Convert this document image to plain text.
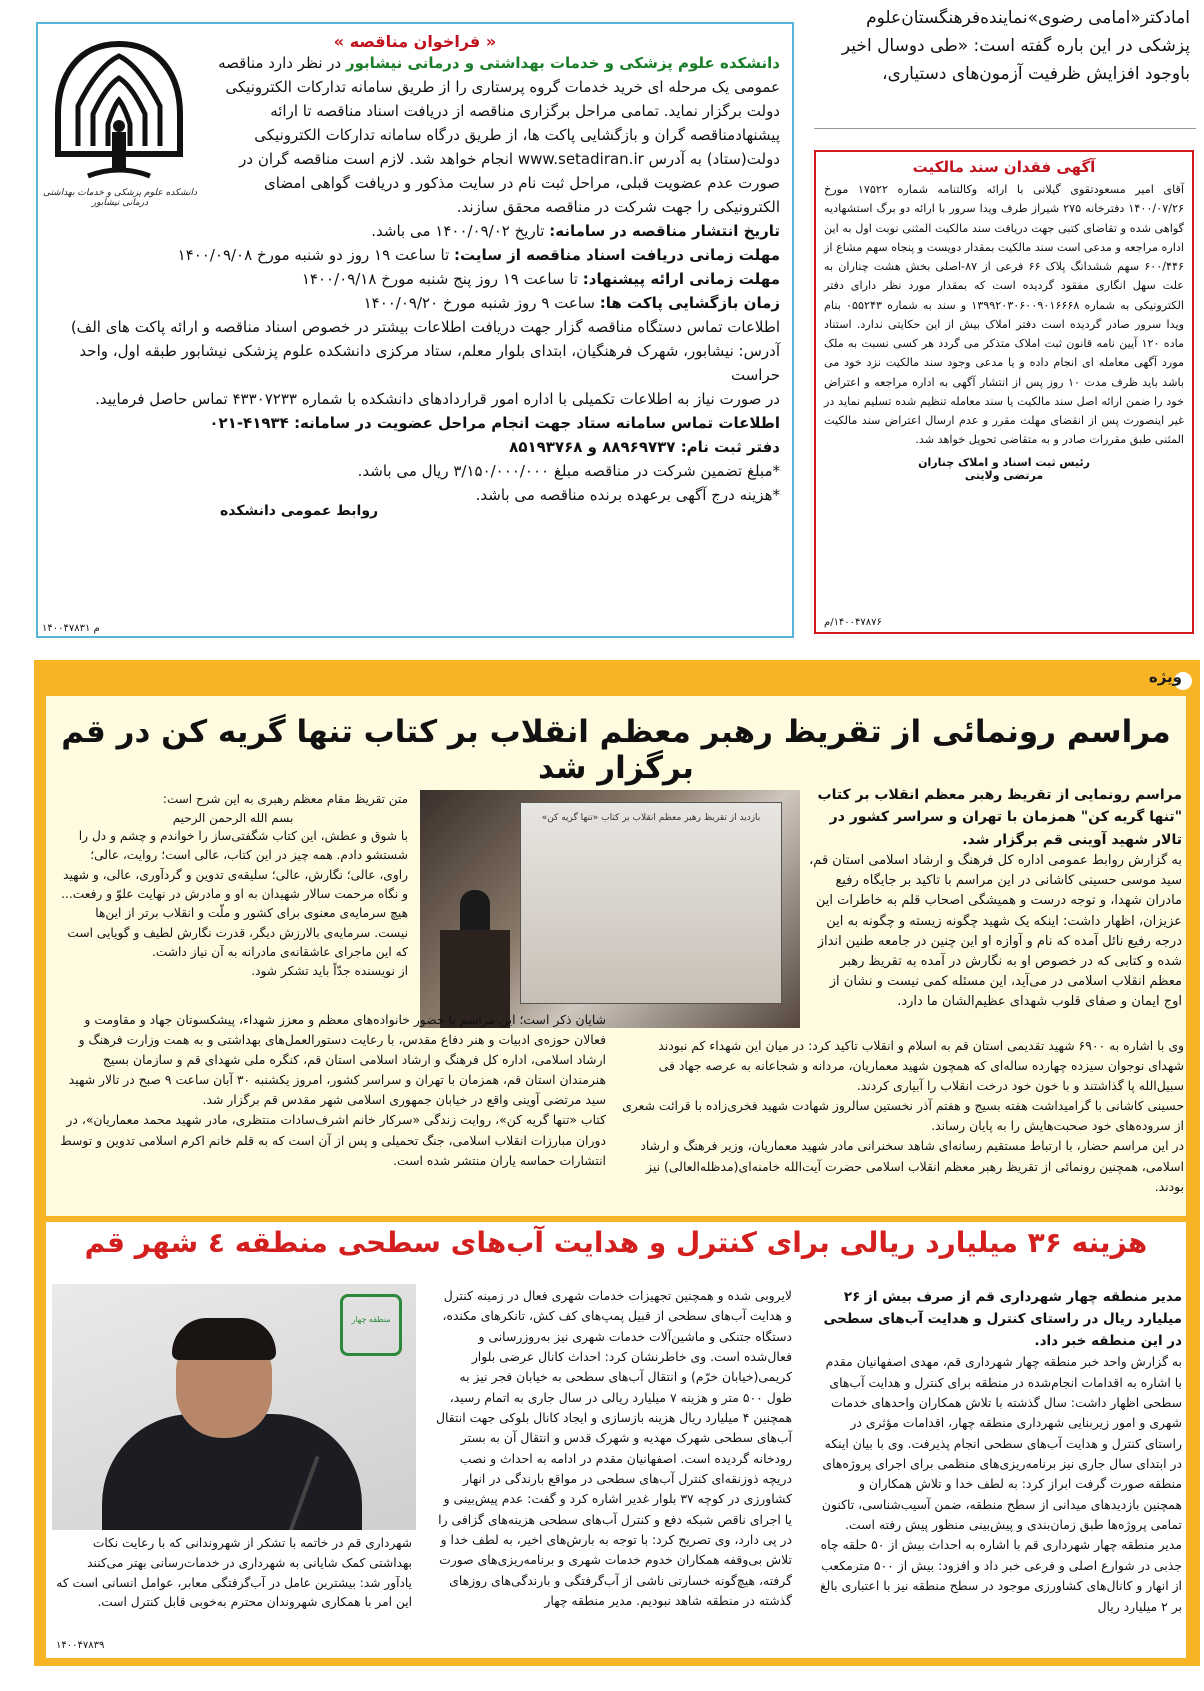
امادکتر«امامی رضوی»نماینده‌فرهنگستان‌علوم
پزشکی در این باره گفته است: «طی دوسال اخیر
باوجود افزایش ظرفیت آزمون‌های دستیاری،
آگهی فقدان سند مالکیت
آقای امیر مسعودتقوی گیلانی با ارائه وکالتنامه شماره ۱۷۵۲۲ مورخ ۱۴۰۰/۰۷/۲۶ دفترخانه ۲۷۵ شیراز طرف ویدا سرور با ارائه دو برگ استشهادیه گواهی شده و تقاضای کتبی جهت دریافت سند مالکیت المثنی نوبت اول به این اداره مراجعه و مدعی است سند مالکیت بمقدار دویست و پنجاه سهم مشاع از ۶۰۰/۴۴۶ سهم ششدانگ پلاک ۶۶ فرعی از ۸۷-اصلی بخش هشت چناران به علت سهل انگاری مفقود گردیده است که بمقدار مورد نظر دارای دفتر الکترونیکی به شماره ۱۳۹۹۲۰۳۰۶۰۰۹۰۱۶۶۶۸ و سند به شماره ۰۵۵۲۴۳ بنام ویدا سرور صادر گردیده است دفتر املاک بیش از این حکایتی ندارد. استناد ماده ۱۲۰ آیین نامه قانون ثبت املاک متذکر می گردد هر کسی نسبت به ملک مورد آگهی معامله ای انجام داده و یا مدعی وجود سند مالکیت نزد خود می باشد باید ظرف مدت ۱۰ روز پس از انتشار آگهی به اداره مراجعه و اعتراض خود را ضمن ارائه اصل سند مالکیت یا سند معامله تنظیم شده تسلیم نماید در غیر اینصورت پس از انقضای مهلت مقرر و عدم ارسال اعتراض سند مالکیت المثنی طبق مقررات صادر و به متقاضی تحویل خواهد شد.
رئیس ثبت اسناد و املاک چناران
مرتضی ولایتی
۱۴۰۰۴۷۸۷۶/م
« فراخوان مناقصه »
دانشکده علوم پزشکی و خدمات بهداشتی و درمانی نیشابور در نظر دارد مناقصه عمومی یک مرحله ای خرید خدمات گروه پرستاری را از طریق سامانه تدارکات الکترونیکی دولت برگزار نماید. تمامی مراحل برگزاری مناقصه از دریافت اسناد مناقصه تا ارائه پیشنهادمناقصه گران و بازگشایی پاکت ها، از طریق درگاه سامانه تدارکات الکترونیکی دولت(ستاد) به آدرس www.setadiran.ir انجام خواهد شد. لازم است مناقصه گران در صورت عدم عضویت قبلی، مراحل ثبت نام در سایت مذکور و دریافت گواهی امضای الکترونیکی را جهت شرکت در مناقصه محقق سازند.
تاریخ انتشار مناقصه در سامانه: تاریخ ۱۴۰۰/۰۹/۰۲ می باشد.
مهلت زمانی دریافت اسناد مناقصه از سایت: تا ساعت ۱۹ روز دو شنبه مورخ ۱۴۰۰/۰۹/۰۸
مهلت زمانی ارائه پیشنهاد: تا ساعت ۱۹ روز پنج شنبه مورخ ۱۴۰۰/۰۹/۱۸
زمان بازگشایی پاکت ها: ساعت ۹ روز شنبه مورخ ۱۴۰۰/۰۹/۲۰
اطلاعات تماس دستگاه مناقصه گزار جهت دریافت اطلاعات بیشتر در خصوص اسناد مناقصه و ارائه پاکت های الف) آدرس: نیشابور، شهرک فرهنگیان، ابتدای بلوار معلم، ستاد مرکزی دانشکده علوم پزشکی نیشابور طبقه اول، واحد حراست
در صورت نیاز به اطلاعات تکمیلی با اداره امور قراردادهای دانشکده با شماره ۴۳۳۰۷۲۳۳ تماس حاصل فرمایید.
اطلاعات تماس سامانه ستاد جهت انجام مراحل عضویت در سامانه: ۴۱۹۳۴-۰۲۱
دفتر ثبت نام: ۸۸۹۶۹۷۳۷ و ۸۵۱۹۳۷۶۸
*مبلغ تضمین شرکت در مناقصه مبلغ ۳/۱۵۰/۰۰۰/۰۰۰ ریال می باشد.
*هزینه درج آگهی برعهده برنده مناقصه می باشد.
روابط عمومی دانشکده
۱۴۰۰۴۷۸۳۱ م
دانشکده علوم پزشکی و خدمات بهداشتی درمانی نیشابور
ویژه
مراسم رونمائی از تقریظ رهبر معظم انقلاب بر کتاب تنها گریه کن در قم برگزار شد
مراسم رونمایی از تقریظ رهبر معظم انقلاب بر کتاب "تنها گریه کن" همزمان با تهران و سراسر کشور در تالار شهید آوینی قم برگزار شد.
به گزارش روابط عمومی اداره کل فرهنگ و ارشاد اسلامی استان قم، سید موسی حسینی کاشانی در این مراسم با تاکید بر جایگاه رفیع مادران شهدا، و توجه درست و همیشگی اصحاب قلم به خاطرات این عزیزان، اظهار داشت: اینکه یک شهید چگونه زیسته و چگونه به این درجه رفیع نائل آمده که نام و آوازه او این چنین در جامعه طنین انداز شده و کتابی که در خصوص او به نگارش در آمده به تقریظ رهبر معظم انقلاب اسلامی در می‌آید، این مسئله کمی نیست و نشان از اوج ایمان و صفای قلوب شهدای عظیم‌الشان ما دارد.
بازدید از تقریظ رهبر معظم انقلاب بر کتاب «تنها گریه کن»
متن تقریظ مقام معظم رهبری به این شرح است:
بسم الله الرحمن الرحیم
با شوق و عطش، این کتاب شگفتی‌ساز را خواندم و چشم و دل را شستشو دادم. همه چیز در این کتاب، عالی است؛ روایت، عالی؛ راوی، عالی؛ نگارش، عالی؛ سلیقه‌ی تدوین و گردآوری، عالی، و شهید و نگاه مرحمت سالار شهیدان به او و مادرش در نهایت علوّ و رفعت... هیچ سرمایه‌ی معنوی برای کشور و ملّت و انقلاب برتر از این‌ها نیست. سرمایه‌ی بالارزش دیگر، قدرت نگارش لطیف و گویایی است که این ماجرای عاشقانه‌ی مادرانه به آن نیاز داشت.
از نویسنده جدّاً باید تشکر شود.
شایان ذکر است؛ این مراسم با حضور خانواده‌های معظم و معزز شهداء، پیشکسوتان جهاد و مقاومت و فعالان حوزه‌ی ادبیات و هنر دفاع مقدس، با رعایت دستورالعمل‌های بهداشتی و به همت وزارت فرهنگ و ارشاد اسلامی، اداره کل فرهنگ و ارشاد اسلامی استان قم، کنگره ملی شهدای قم و سازمان بسیج هنرمندان استان قم، همزمان با تهران و سراسر کشور، امروز یکشنبه ۳۰ آبان ساعت ۹ صبح در تالار شهید سید مرتضی آوینی واقع در خیابان جمهوری اسلامی شهر مقدس قم برگزار شد.
کتاب «تنها گریه کن»، روایت زندگی «سرکار خانم اشرف‌سادات منتظری، مادر شهید محمد معماریان»، در دوران مبارزات انقلاب اسلامی، جنگ تحمیلی و پس از آن است که به قلم خانم اکرم اسلامی تدوین و توسط انتشارات حماسه یاران منتشر شده است.
وی با اشاره به ۶۹۰۰ شهید تقدیمی استان قم به اسلام و انقلاب تاکید کرد: در میان این شهداء کم نبودند شهدای نوجوان سیزده چهارده ساله‌ای که همچون شهید معماریان، مردانه و شجاعانه به عرصه جهاد فی سبیل‌الله پا گذاشتند و با خون خود درخت انقلاب را آبیاری کردند.
حسینی کاشانی با گرامیداشت هفته بسیج و هفتم آذر نخستین سالروز شهادت شهید فخری‌زاده با قرائت شعری از سروده‌های خود صحبت‌هایش را به پایان رساند.
در این مراسم حضار، با ارتباط مستقیم رسانه‌ای شاهد سخنرانی مادر شهید معماریان، وزیر فرهنگ و ارشاد اسلامی، همچنین رونمائی از تقریظ رهبر معظم انقلاب اسلامی حضرت آیت‌الله خامنه‌ای(مدظله‌العالی) نیز بودند.
هزینه ۳۶ میلیارد ریالی برای کنترل و هدایت آب‌های سطحی منطقه ٤ شهر قم
مدیر منطقه چهار شهرداری قم از صرف بیش از ۲۶ میلیارد ریال در راستای کنترل و هدایت آب‌های سطحی در این منطقه خبر داد.
به گزارش واحد خبر منطقه چهار شهرداری قم، مهدی اصفهانیان مقدم با اشاره به اقدامات انجام‌شده در منطقه برای کنترل و هدایت آب‌های سطحی اظهار داشت: سال گذشته با تلاش همکاران واحدهای خدمات شهری و امور زیربنایی شهرداری منطقه چهار، اقدامات مؤثری در راستای کنترل و هدایت آب‌های سطحی انجام پذیرفت. وی با بیان اینکه در ابتدای سال جاری نیز برنامه‌ریزی‌های منظمی برای اجرای پروژه‌های منطقه صورت گرفت ابراز کرد: به لطف خدا و تلاش همکاران و همچنین بازدیدهای میدانی از سطح منطقه، ضمن آسیب‌شناسی، تاکنون تمامی پروژه‌ها طبق زمان‌بندی و پیش‌بینی منظور پیش رفته است. مدیر منطقه چهار شهرداری قم با اشاره به احداث بیش از ۵۰ حلقه چاه جذبی در شوارع اصلی و فرعی خبر داد و افزود: بیش از ۵۰۰ مترمکعب از انهار و کانال‌های کشاورزی موجود در سطح منطقه نیز با اعتباری بالغ بر ۲ میلیارد ریال
لایروبی شده و همچنین تجهیزات خدمات شهری فعال در زمینه کنترل و هدایت آب‌های سطحی از قبیل پمپ‌های کف کش، تانکرهای مکنده، دستگاه جتنکی و ماشین‌آلات خدمات شهری نیز به‌روزرسانی و فعال‌شده است. وی خاطرنشان کرد: احداث کانال عرضی بلوار کریمی(خیابان خرّم) و انتقال آب‌های سطحی به خیابان فجر نیز به طول ۵۰۰ متر و هزینه ۷ میلیارد ریالی در سال جاری به اتمام رسید، همچنین ۴ میلیارد ریال هزینه بازسازی و ایجاد کانال بلوکی جهت انتقال آب‌های سطحی شهرک مهدیه و شهرک قدس و انتقال آن به بستر رودخانه گردیده است. اصفهانیان مقدم در ادامه به احداث و نصب دریچه ذوزنقه‌ای کنترل آب‌های سطحی در مواقع بارندگی در انهار کشاورزی در کوچه ۳۷ بلوار غدیر اشاره کرد و گفت: عدم پیش‌بینی و یا اجرای ناقص شبکه دفع و کنترل آب‌های سطحی هزینه‌های گزافی را در پی دارد، وی تصریح کرد: با توجه به بارش‌های اخیر، به لطف خدا و تلاش بی‌وقفه همکاران خدوم خدمات شهری و برنامه‌ریزی‌های صورت گرفته، هیچ‌گونه خسارتی ناشی از آب‌گرفتگی و بارندگی‌های روزهای گذشته در منطقه شاهد نبودیم. مدیر منطقه چهار
منطقه چهار
شهرداری قم در خاتمه با تشکر از شهروندانی که با رعایت نکات بهداشتی کمک شایانی به شهرداری در خدمات‌رسانی بهتر می‌کنند یادآور شد: بیشترین عامل در آب‌گرفتگی معابر، عوامل انسانی است که این امر با همکاری شهروندان محترم به‌خوبی قابل کنترل است.
۱۴۰۰۴۷۸۳۹
